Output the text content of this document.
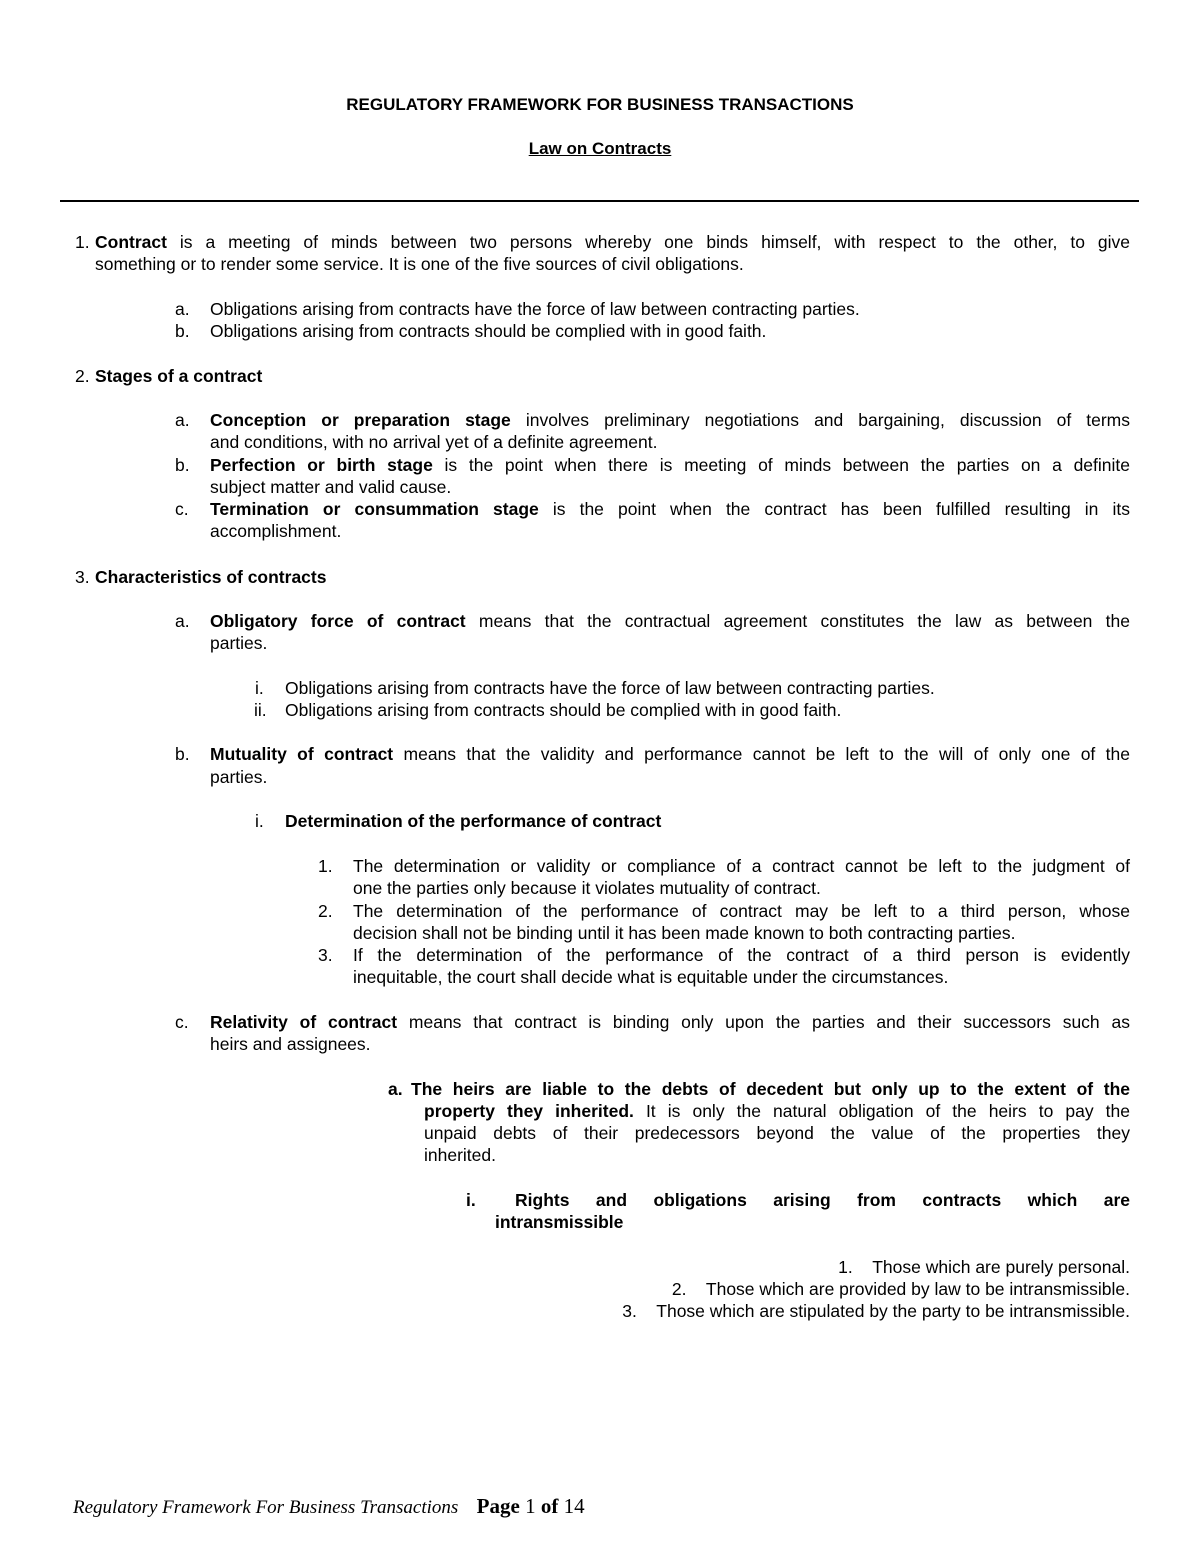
REGULATORY FRAMEWORK FOR BUSINESS TRANSACTIONS
Law on Contracts
1. Contract is a meeting of minds between two persons whereby one binds himself, with respect to the other, to give
something or to render some service. It is one of the five sources of civil obligations.
a. Obligations arising from contracts have the force of law between contracting parties.
b. Obligations arising from contracts should be complied with in good faith.
2. Stages of a contract
a. Conception or preparation stage involves preliminary negotiations and bargaining, discussion of terms
and conditions, with no arrival yet of a definite agreement.
b. Perfection or birth stage is the point when there is meeting of minds between the parties on a definite
subject matter and valid cause.
c. Termination or consummation stage is the point when the contract has been fulfilled resulting in its
accomplishment.
3. Characteristics of contracts
a. Obligatory force of contract means that the contractual agreement constitutes the law as between the
parties.
i. Obligations arising from contracts have the force of law between contracting parties.
ii. Obligations arising from contracts should be complied with in good faith.
b. Mutuality of contract means that the validity and performance cannot be left to the will of only one of the
parties.
i. Determination of the performance of contract
1. The determination or validity or compliance of a contract cannot be left to the judgment of
one the parties only because it violates mutuality of contract.
2. The determination of the performance of contract may be left to a third person, whose
decision shall not be binding until it has been made known to both contracting parties.
3. If the determination of the performance of the contract of a third person is evidently
inequitable, the court shall decide what is equitable under the circumstances.
c. Relativity of contract means that contract is binding only upon the parties and their successors such as
heirs and assignees.
a. The heirs are liable to the debts of decedent but only up to the extent of the
property they inherited. It is only the natural obligation of the heirs to pay the
unpaid debts of their predecessors beyond the value of the properties they
inherited.
i. Rights and obligations arising from contracts which are
intransmissible
1. Those which are purely personal.
2. Those which are provided by law to be intransmissible.
3. Those which are stipulated by the party to be intransmissible.
Regulatory Framework For Business Transactions Page 1 of 14
